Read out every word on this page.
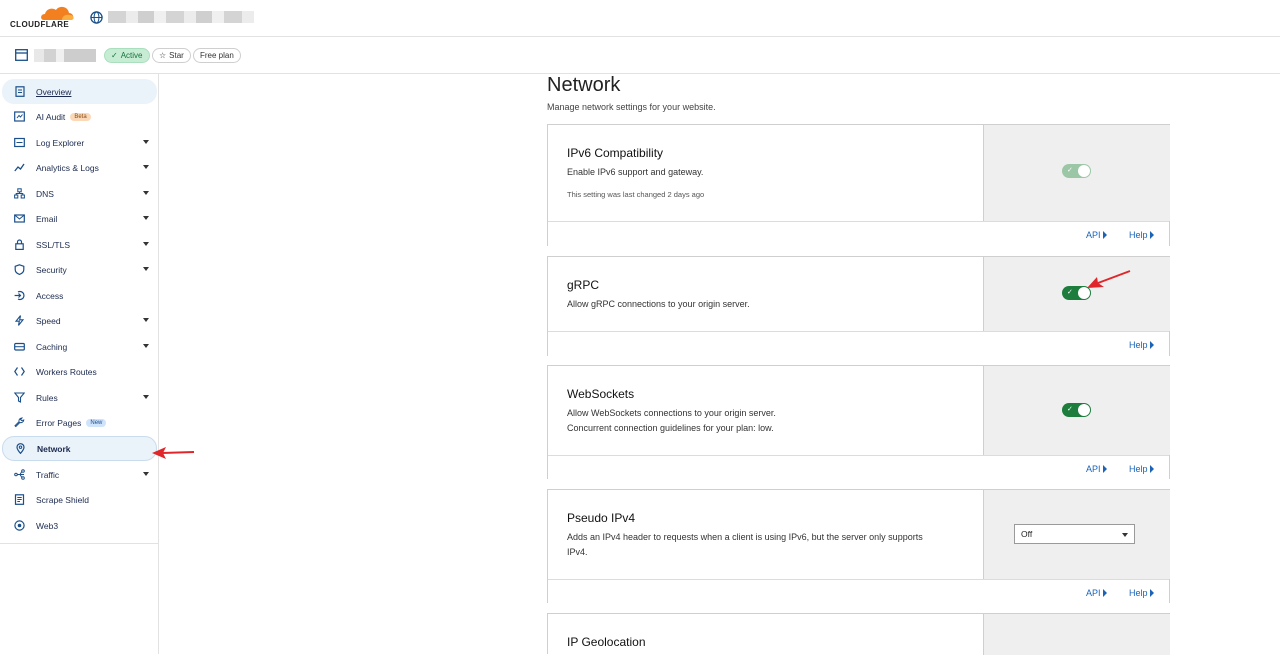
CLOUDFLARE
✓ Active ☆ Star Free plan
Overview
AI Audit	Beta
Log Explorer
Analytics & Logs
DNS
Email
SSL/TLS
Security
Access
Speed
Caching
Workers Routes
Rules
Error Pages	New
Network
Traffic
Scrape Shield
Web3
Network

Manage network settings for your website.

IPv6 Compatibility

Enable IPv6 support and gateway.

This setting was last changed 2 days ago

✓
API	Help
gRPC

Allow gRPC connections to your origin server.

✓
Help
WebSockets

Allow WebSockets connections to your origin server.

Concurrent connection guidelines for your plan: low.

✓
API	Help
Pseudo IPv4

Adds an IPv4 header to requests when a client is using IPv6, but the server only supports

IPv4.

Off
API	Help
IP Geolocation
